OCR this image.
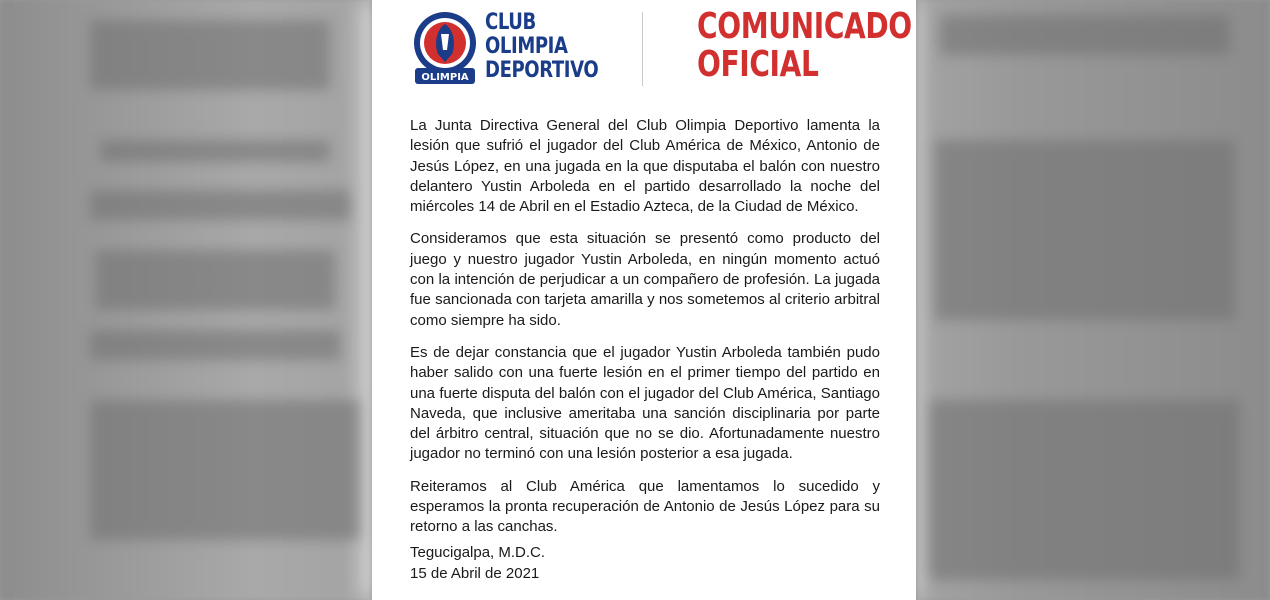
OLIMPIA
CLUB
OLIMPIA
DEPORTIVO
COMUNICADO
OFICIAL

La Junta Directiva General del Club Olimpia Deportivo lamenta la lesión que sufrió el jugador del Club América de México, Antonio de Jesús López, en una jugada en la que disputaba el balón con nuestro delantero Yustin Arboleda en el partido desarrollado la noche del miércoles 14 de Abril en el Estadio Azteca, de la Ciudad de México.

Consideramos que esta situación se presentó como producto del juego y nuestro jugador Yustin Arboleda, en ningún momento actuó con la intención de perjudicar a un compañero de profesión. La jugada fue sancionada con tarjeta amarilla y nos sometemos al criterio arbitral como siempre ha sido.

Es de dejar constancia que el jugador Yustin Arboleda también pudo haber salido con una fuerte lesión en el primer tiempo del partido en una fuerte disputa del balón con el jugador del Club América, Santiago Naveda, que inclusive ameritaba una sanción disciplinaria por parte del árbitro central, situación que no se dio. Afortunadamente nuestro jugador no terminó con una lesión posterior a esa jugada.

Reiteramos al Club América que lamentamos lo sucedido y esperamos la pronta recuperación de Antonio de Jesús López para su retorno a las canchas.

Tegucigalpa, M.D.C.
15 de Abril de 2021
